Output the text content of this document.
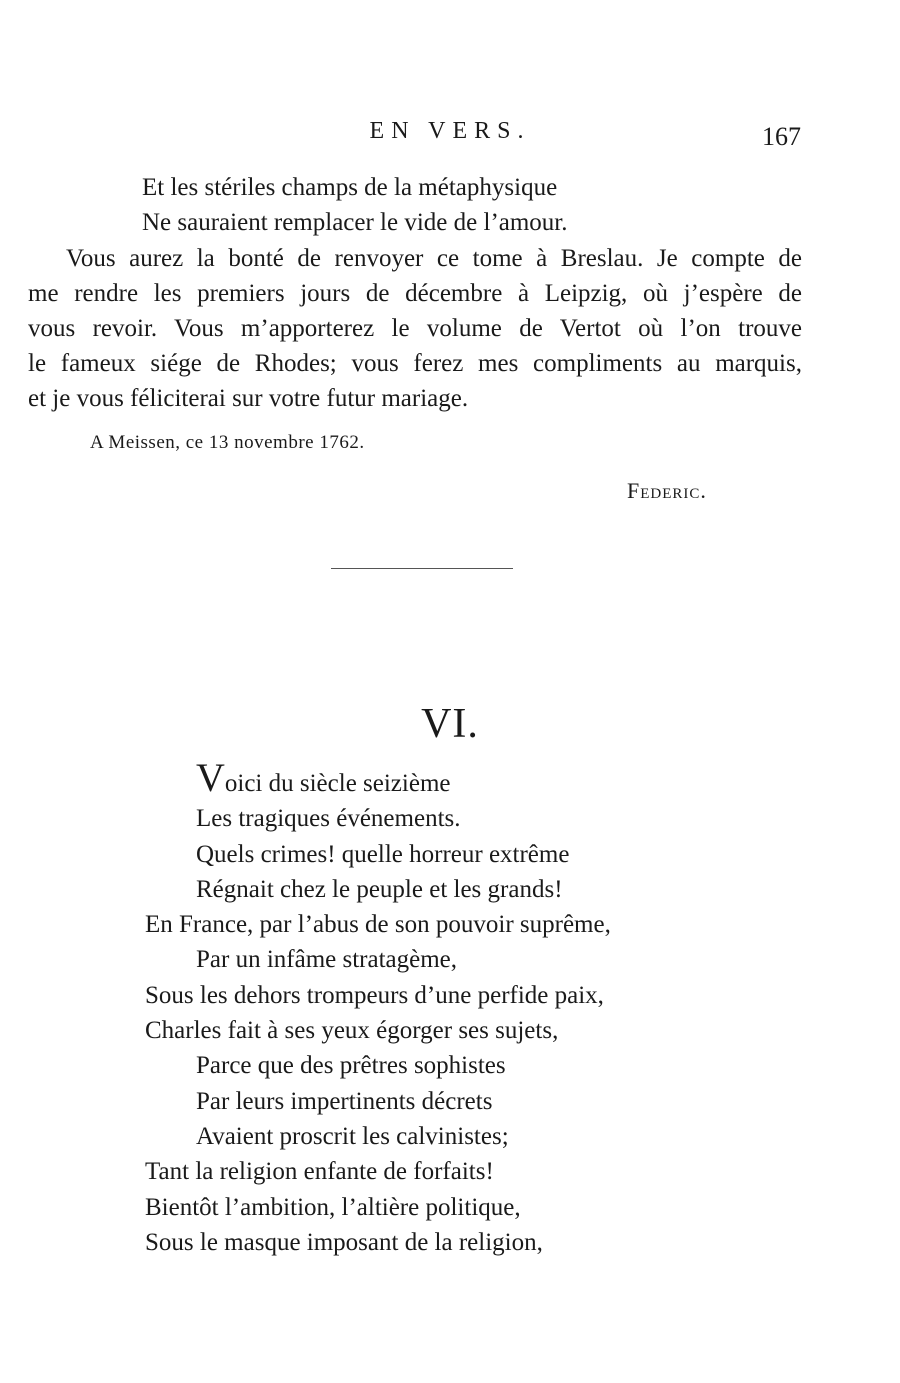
EN VERS.	167
Et les stériles champs de la métaphysique
Ne sauraient remplacer le vide de l’amour.
Vous aurez la bonté de renvoyer ce tome à Breslau. Je compte de
me rendre les premiers jours de décembre à Leipzig, où j’espère de
vous revoir. Vous m’apporterez le volume de Vertot où l’on trouve
le fameux siége de Rhodes; vous ferez mes compliments au marquis,
et je vous féliciterai sur votre futur mariage.
A Meissen, ce 13 novembre 1762.
Federic.
VI.
Voici du siècle seizième
Les tragiques événements.
Quels crimes! quelle horreur extrême
Régnait chez le peuple et les grands!
En France, par l’abus de son pouvoir suprême,
Par un infâme stratagème,
Sous les dehors trompeurs d’une perfide paix,
Charles fait à ses yeux égorger ses sujets,
Parce que des prêtres sophistes
Par leurs impertinents décrets
Avaient proscrit les calvinistes;
Tant la religion enfante de forfaits!
Bientôt l’ambition, l’altière politique,
Sous le masque imposant de la religion,
